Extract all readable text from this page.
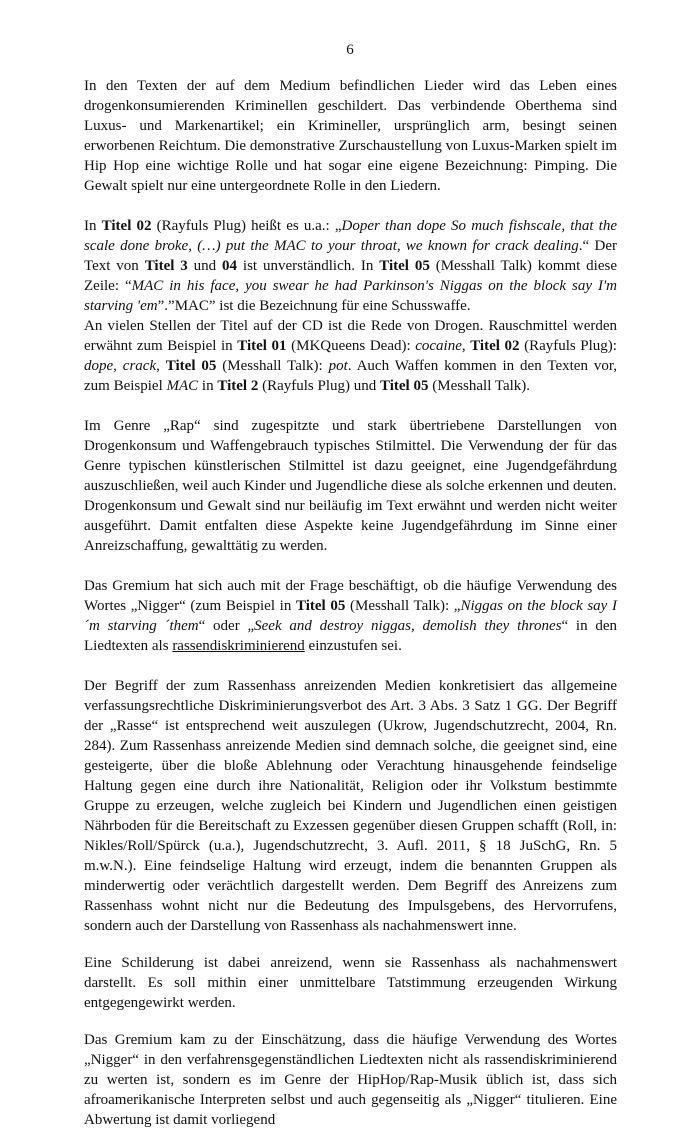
6

In den Texten der auf dem Medium befindlichen Lieder wird das Leben eines drogenkonsumierenden Kriminellen geschildert. Das verbindende Oberthema sind Luxus- und Markenartikel; ein Krimineller, ursprünglich arm, besingt seinen erworbenen Reichtum. Die demonstrative Zurschaustellung von Luxus-Marken spielt im Hip Hop eine wichtige Rolle und hat sogar eine eigene Bezeichnung: Pimping. Die Gewalt spielt nur eine untergeordnete Rolle in den Liedern.

In Titel 02 (Rayfuls Plug) heißt es u.a.: „Doper than dope So much fishscale, that the scale done broke, (…) put the MAC to your throat, we known for crack dealing.“ Der Text von Titel 3 und 04 ist unverständlich. In Titel 05 (Messhall Talk) kommt diese Zeile: “MAC in his face, you swear he had Parkinson's Niggas on the block say I'm starving 'em”.”MAC” ist die Bezeichnung für eine Schusswaffe.

An vielen Stellen der Titel auf der CD ist die Rede von Drogen. Rauschmittel werden erwähnt zum Beispiel in Titel 01 (MKQueens Dead): cocaine, Titel 02 (Rayfuls Plug): dope, crack, Titel 05 (Messhall Talk): pot. Auch Waffen kommen in den Texten vor, zum Beispiel MAC in Titel 2 (Rayfuls Plug) und Titel 05 (Messhall Talk).

Im Genre „Rap“ sind zugespitzte und stark übertriebene Darstellungen von Drogenkonsum und Waffengebrauch typisches Stilmittel. Die Verwendung der für das Genre typischen künstlerischen Stilmittel ist dazu geeignet, eine Jugendgefährdung auszuschließen, weil auch Kinder und Jugendliche diese als solche erkennen und deuten.

Drogenkonsum und Gewalt sind nur beiläufig im Text erwähnt und werden nicht weiter ausgeführt. Damit entfalten diese Aspekte keine Jugendgefährdung im Sinne einer Anreizschaffung, gewalttätig zu werden.

Das Gremium hat sich auch mit der Frage beschäftigt, ob die häufige Verwendung des Wortes „Nigger“ (zum Beispiel in Titel 05 (Messhall Talk): „Niggas on the block say I´m starving ´them“ oder „Seek and destroy niggas, demolish they thrones“ in den Liedtexten als rassendiskriminierend einzustufen sei.

Der Begriff der zum Rassenhass anreizenden Medien konkretisiert das allgemeine verfassungsrechtliche Diskriminierungsverbot des Art. 3 Abs. 3 Satz 1 GG. Der Begriff der „Rasse“ ist entsprechend weit auszulegen (Ukrow, Jugendschutzrecht, 2004, Rn. 284). Zum Rassenhass anreizende Medien sind demnach solche, die geeignet sind, eine gesteigerte, über die bloße Ablehnung oder Verachtung hinausgehende feindselige Haltung gegen eine durch ihre Nationalität, Religion oder ihr Volkstum bestimmte Gruppe zu erzeugen, welche zugleich bei Kindern und Jugendlichen einen geistigen Nährboden für die Bereitschaft zu Exzessen gegenüber diesen Gruppen schafft (Roll, in: Nikles/Roll/Spürck (u.a.), Jugendschutzrecht, 3. Aufl. 2011, § 18 JuSchG, Rn. 5 m.w.N.). Eine feindselige Haltung wird erzeugt, indem die benannten Gruppen als minderwertig oder verächtlich dargestellt werden. Dem Begriff des Anreizens zum Rassenhass wohnt nicht nur die Bedeutung des Impulsgebens, des Hervorrufens, sondern auch der Darstellung von Rassenhass als nachahmenswert inne.

Eine Schilderung ist dabei anreizend, wenn sie Rassenhass als nachahmenswert darstellt. Es soll mithin einer unmittelbare Tatstimmung erzeugenden Wirkung entgegengewirkt werden.

Das Gremium kam zu der Einschätzung, dass die häufige Verwendung des Wortes „Nigger“ in den verfahrensgegenständlichen Liedtexten nicht als rassendiskriminierend zu werten ist, sondern es im Genre der HipHop/Rap-Musik üblich ist, dass sich afroamerikanische Interpreten selbst und auch gegenseitig als „Nigger“ titulieren. Eine Abwertung ist damit vorliegend
